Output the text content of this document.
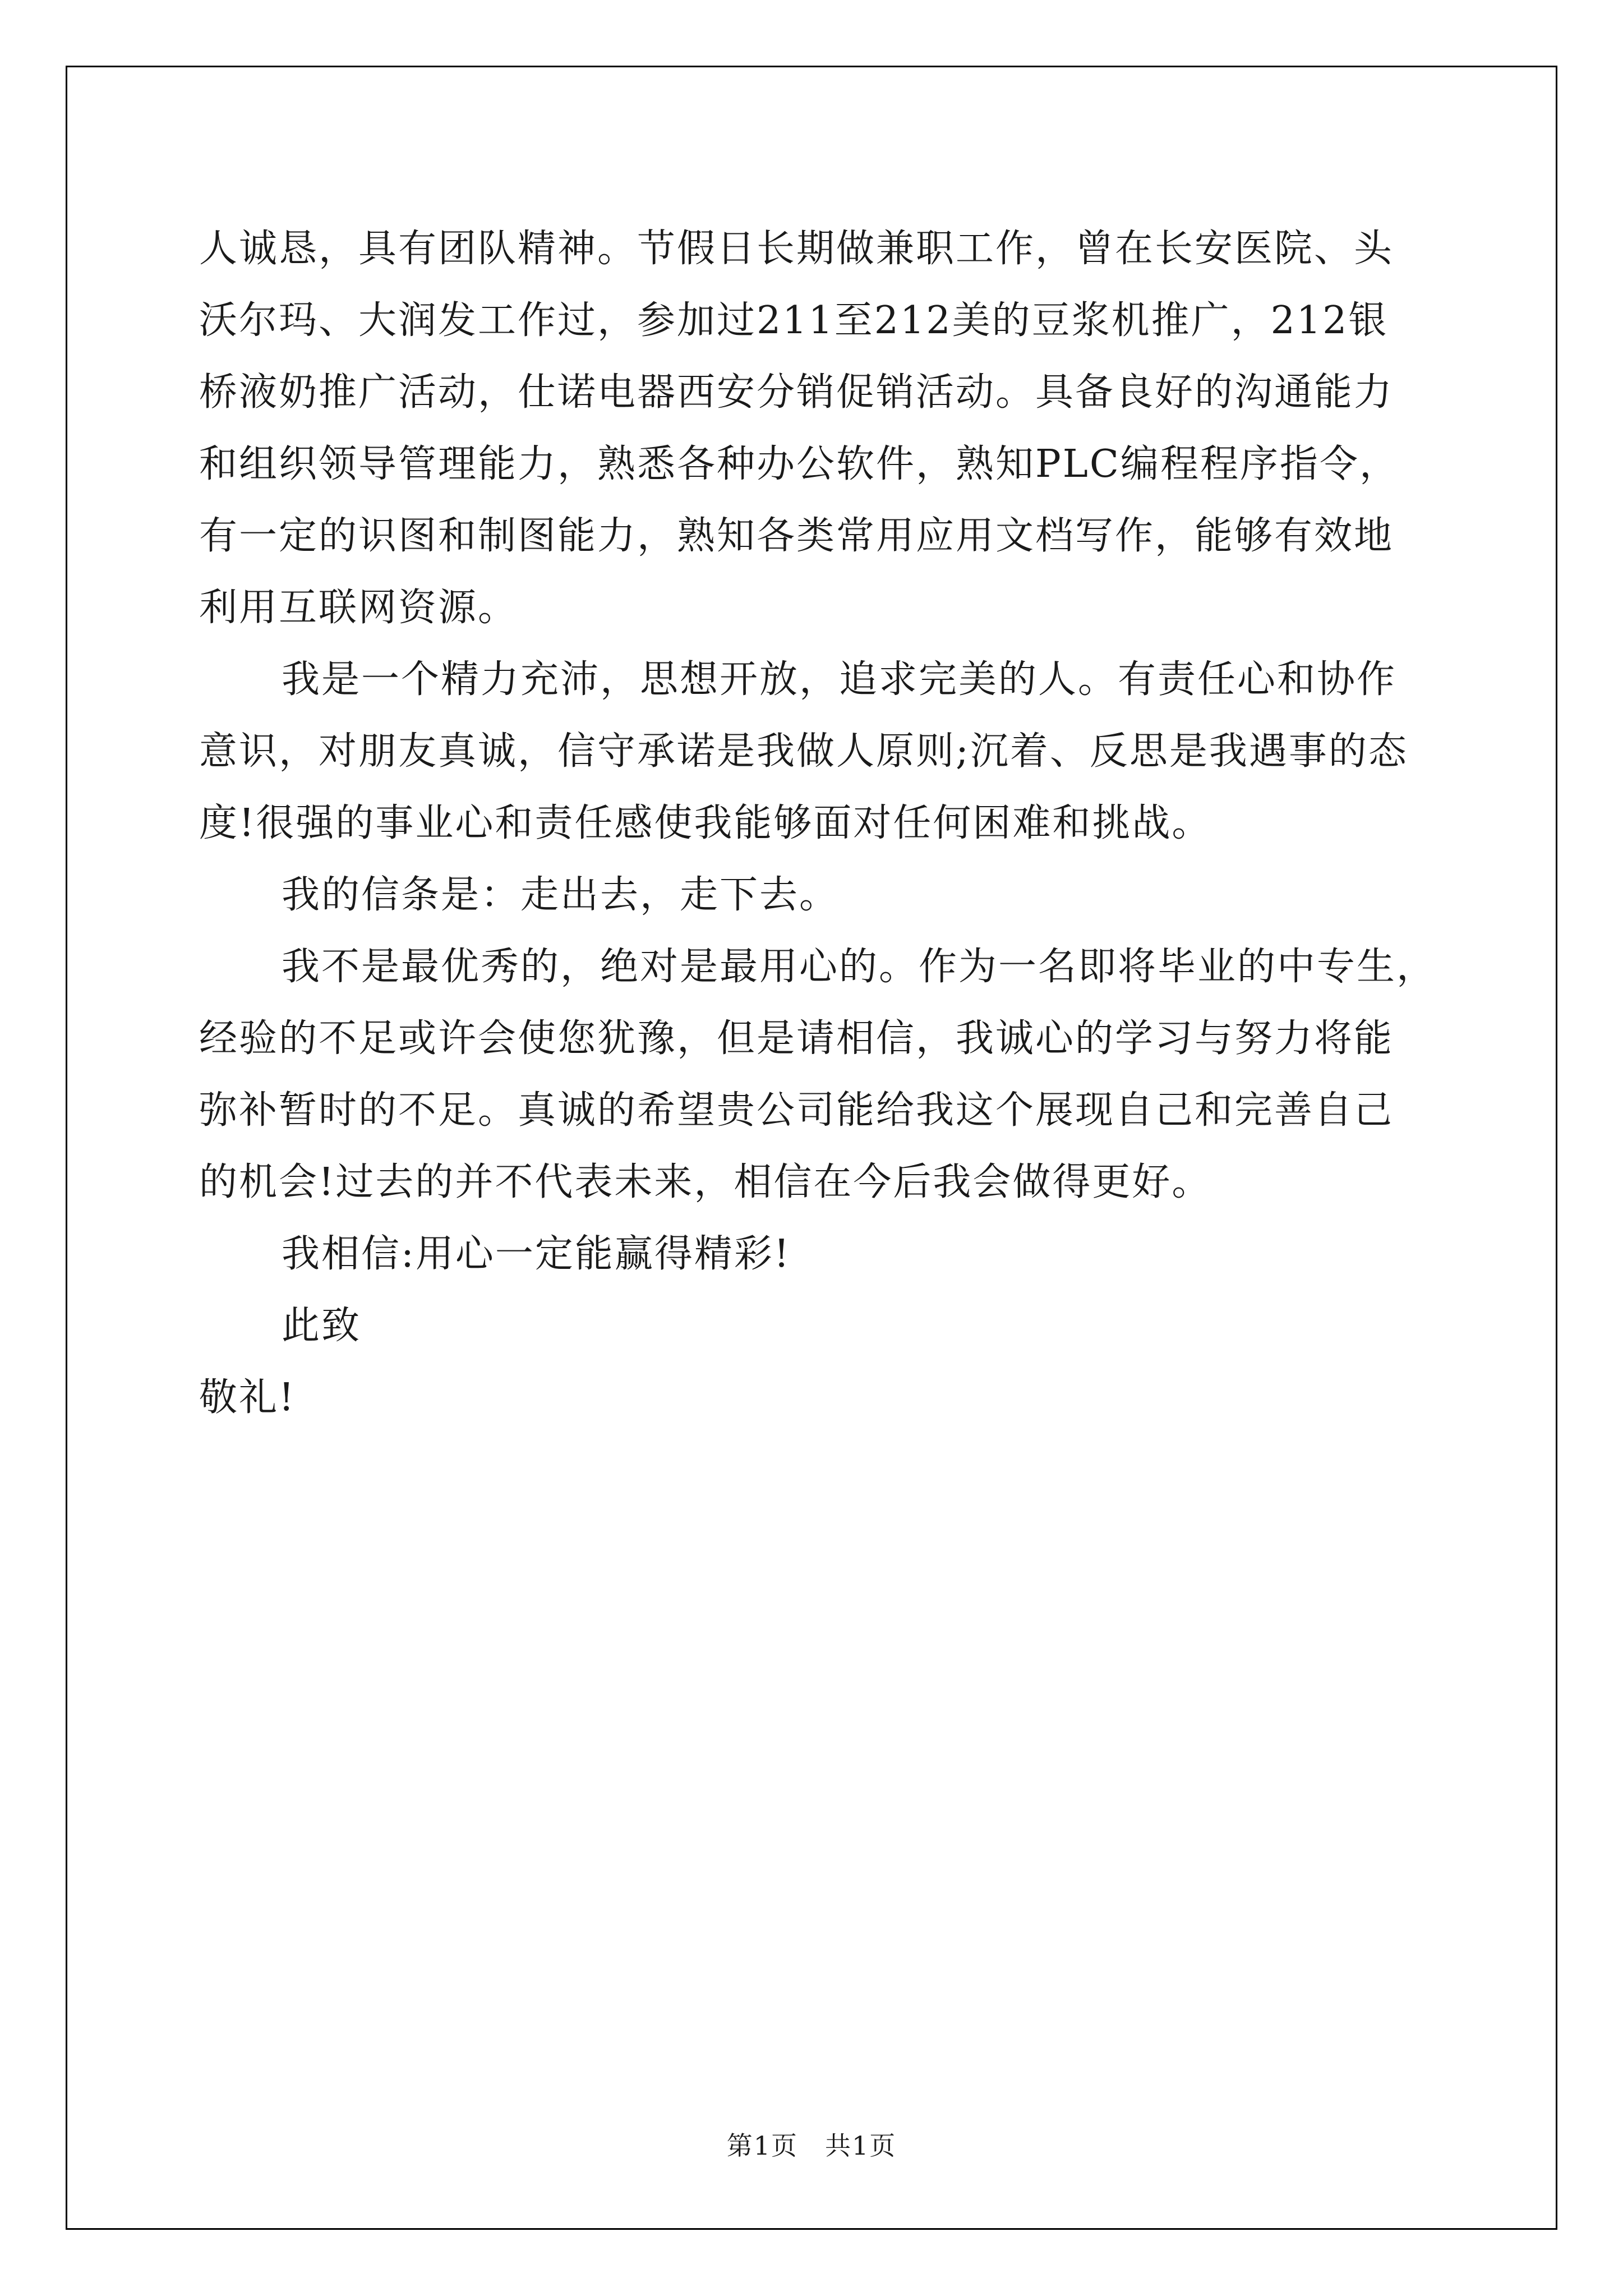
人诚恳，具有团队精神。节假日长期做兼职工作，曾在长安医院、头
沃尔玛、大润发工作过，参加过211至212美的豆浆机推广，212银
桥液奶推广活动，仕诺电器西安分销促销活动。具备良好的沟通能力
和组织领导管理能力，熟悉各种办公软件，熟知PLC编程程序指令，
有一定的识图和制图能力，熟知各类常用应用文档写作，能够有效地
利用互联网资源。
我是一个精力充沛，思想开放，追求完美的人。有责任心和协作
意识，对朋友真诚，信守承诺是我做人原则;沉着、反思是我遇事的态
度!很强的事业心和责任感使我能够面对任何困难和挑战。
我的信条是：走出去，走下去。
我不是最优秀的，绝对是最用心的。作为一名即将毕业的中专生，
经验的不足或许会使您犹豫，但是请相信，我诚心的学习与努力将能
弥补暂时的不足。真诚的希望贵公司能给我这个展现自己和完善自己
的机会!过去的并不代表未来，相信在今后我会做得更好。
我相信:用心一定能赢得精彩!
此致
敬礼!
第1页　共1页
